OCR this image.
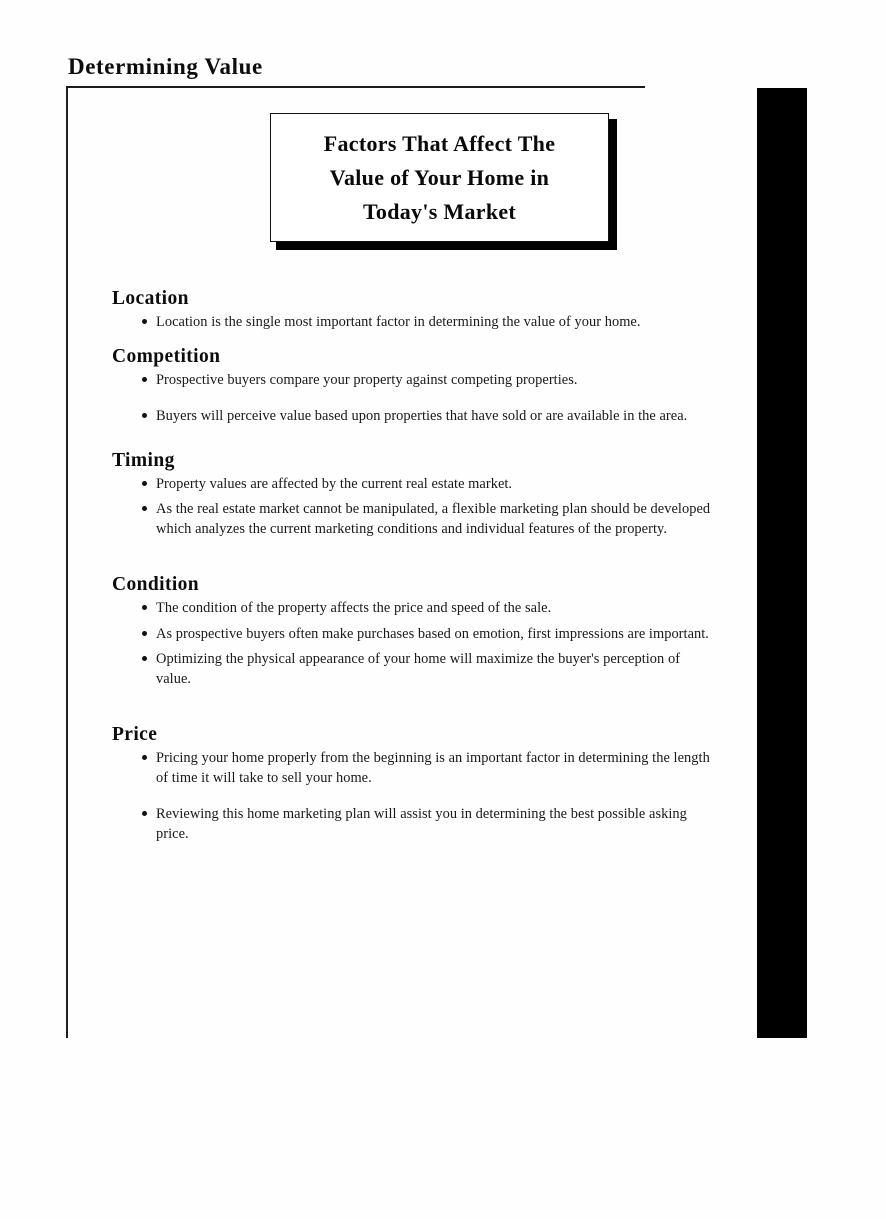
Determining Value
Factors That Affect The
Value of Your Home in
Today's Market
Location
Location is the single most important factor in determining the value of your home.
Competition
Prospective buyers compare your property against competing properties.
Buyers will perceive value based upon properties that have sold or are available in the area.
Timing
Property values are affected by the current real estate market.
As the real estate market cannot be manipulated, a flexible marketing plan should be developed which analyzes the current marketing conditions and individual features of the property.
Condition
The condition of the property affects the price and speed of the sale.
As prospective buyers often make purchases based on emotion, first impressions are important.
Optimizing the physical appearance of your home will maximize the buyer's perception of value.
Price
Pricing your home properly from the beginning is an important factor in determining the length of time it will take to sell your home.
Reviewing this home marketing plan will assist you in determining the best possible asking price.
